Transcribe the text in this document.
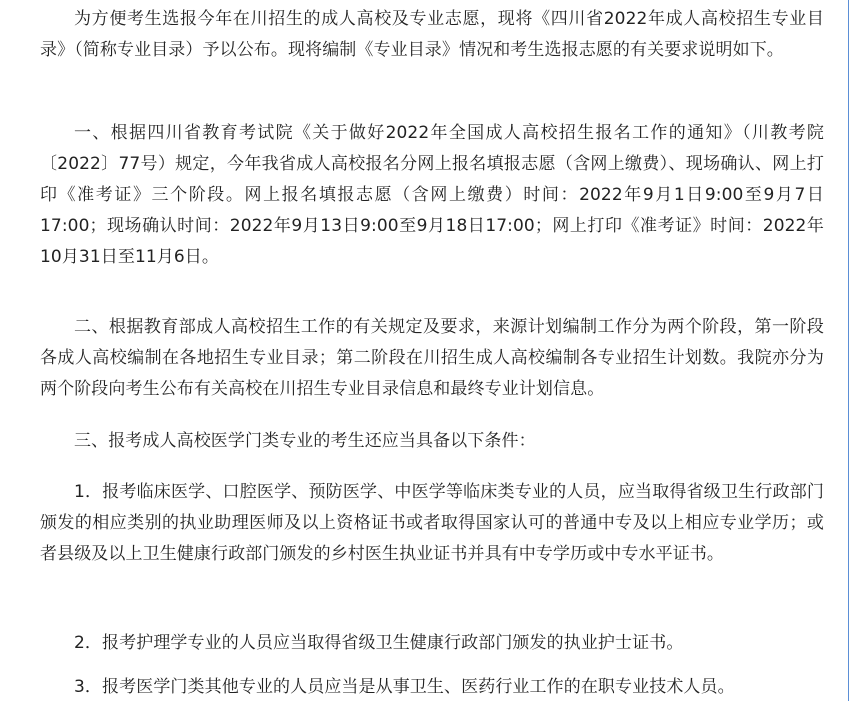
为方便考生选报今年在川招生的成人高校及专业志愿，现将《四川省2022年成人高校招生专业目录》（简称专业目录）予以公布。现将编制《专业目录》情况和考生选报志愿的有关要求说明如下。

一、根据四川省教育考试院《关于做好2022年全国成人高校招生报名工作的通知》（川教考院〔2022〕77号）规定，今年我省成人高校报名分网上报名填报志愿（含网上缴费）、现场确认、网上打印《准考证》三个阶段。网上报名填报志愿（含网上缴费）时间：2022年9月1日9:00至9月7日17:00；现场确认时间：2022年9月13日9:00至9月18日17:00；网上打印《准考证》时间：2022年10月31日至11月6日。

二、根据教育部成人高校招生工作的有关规定及要求，来源计划编制工作分为两个阶段，第一阶段各成人高校编制在各地招生专业目录；第二阶段在川招生成人高校编制各专业招生计划数。我院亦分为两个阶段向考生公布有关高校在川招生专业目录信息和最终专业计划信息。

三、报考成人高校医学门类专业的考生还应当具备以下条件：

1．报考临床医学、口腔医学、预防医学、中医学等临床类专业的人员，应当取得省级卫生行政部门颁发的相应类别的执业助理医师及以上资格证书或者取得国家认可的普通中专及以上相应专业学历；或者县级及以上卫生健康行政部门颁发的乡村医生执业证书并具有中专学历或中专水平证书。

2．报考护理学专业的人员应当取得省级卫生健康行政部门颁发的执业护士证书。

3．报考医学门类其他专业的人员应当是从事卫生、医药行业工作的在职专业技术人员。
